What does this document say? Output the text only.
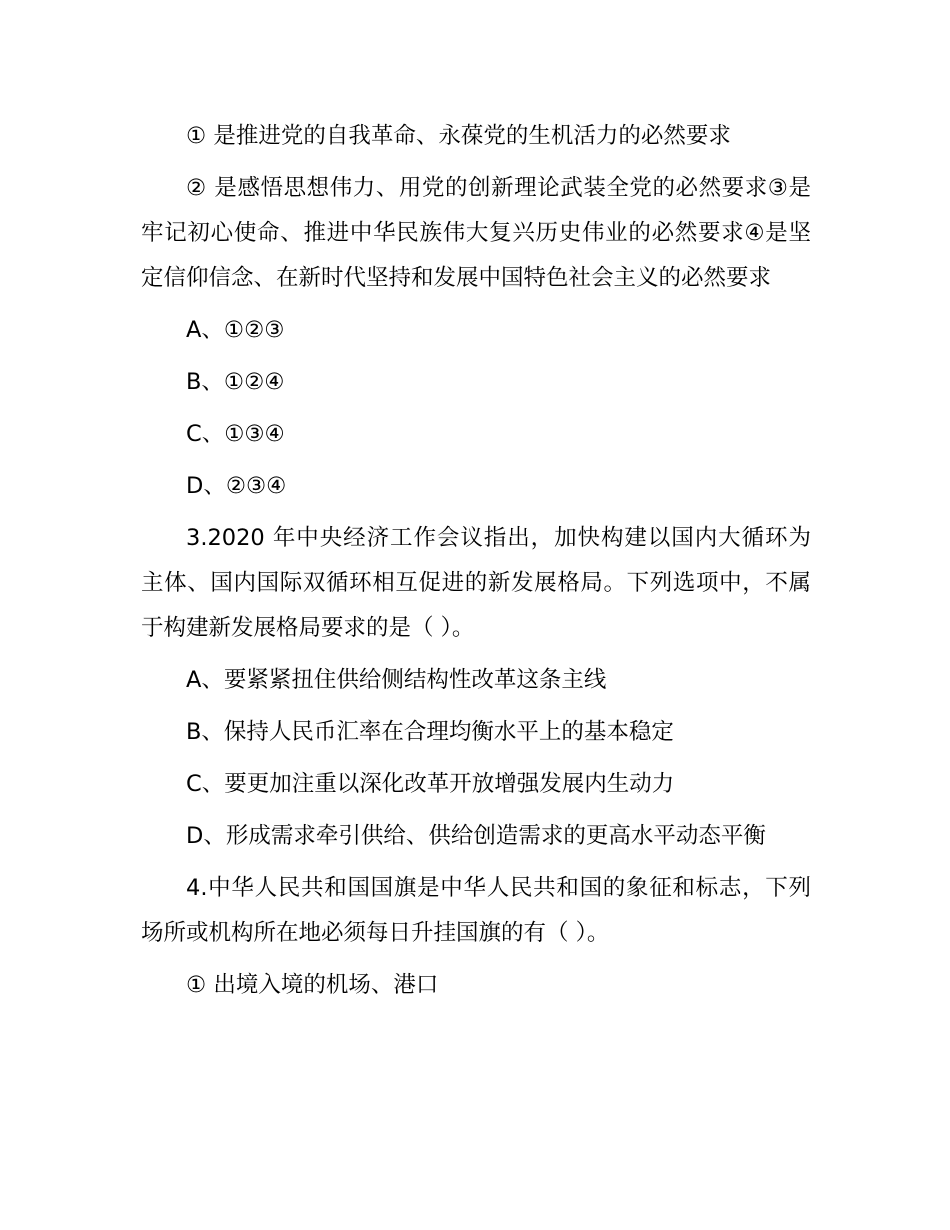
① 是推进党的自我革命、永葆党的生机活力的必然要求

② 是感悟思想伟力、用党的创新理论武装全党的必然要求③是牢记初心使命、推进中华民族伟大复兴历史伟业的必然要求④是坚定信仰信念、在新时代坚持和发展中国特色社会主义的必然要求

A、①②③

B、①②④

C、①③④

D、②③④

3.2020 年中央经济工作会议指出，加快构建以国内大循环为主体、国内国际双循环相互促进的新发展格局。下列选项中，不属于构建新发展格局要求的是（ ）。

A、要紧紧扭住供给侧结构性改革这条主线

B、保持人民币汇率在合理均衡水平上的基本稳定

C、要更加注重以深化改革开放增强发展内生动力

D、形成需求牵引供给、供给创造需求的更高水平动态平衡

4.中华人民共和国国旗是中华人民共和国的象征和标志，下列场所或机构所在地必须每日升挂国旗的有（ ）。

① 出境入境的机场、港口
